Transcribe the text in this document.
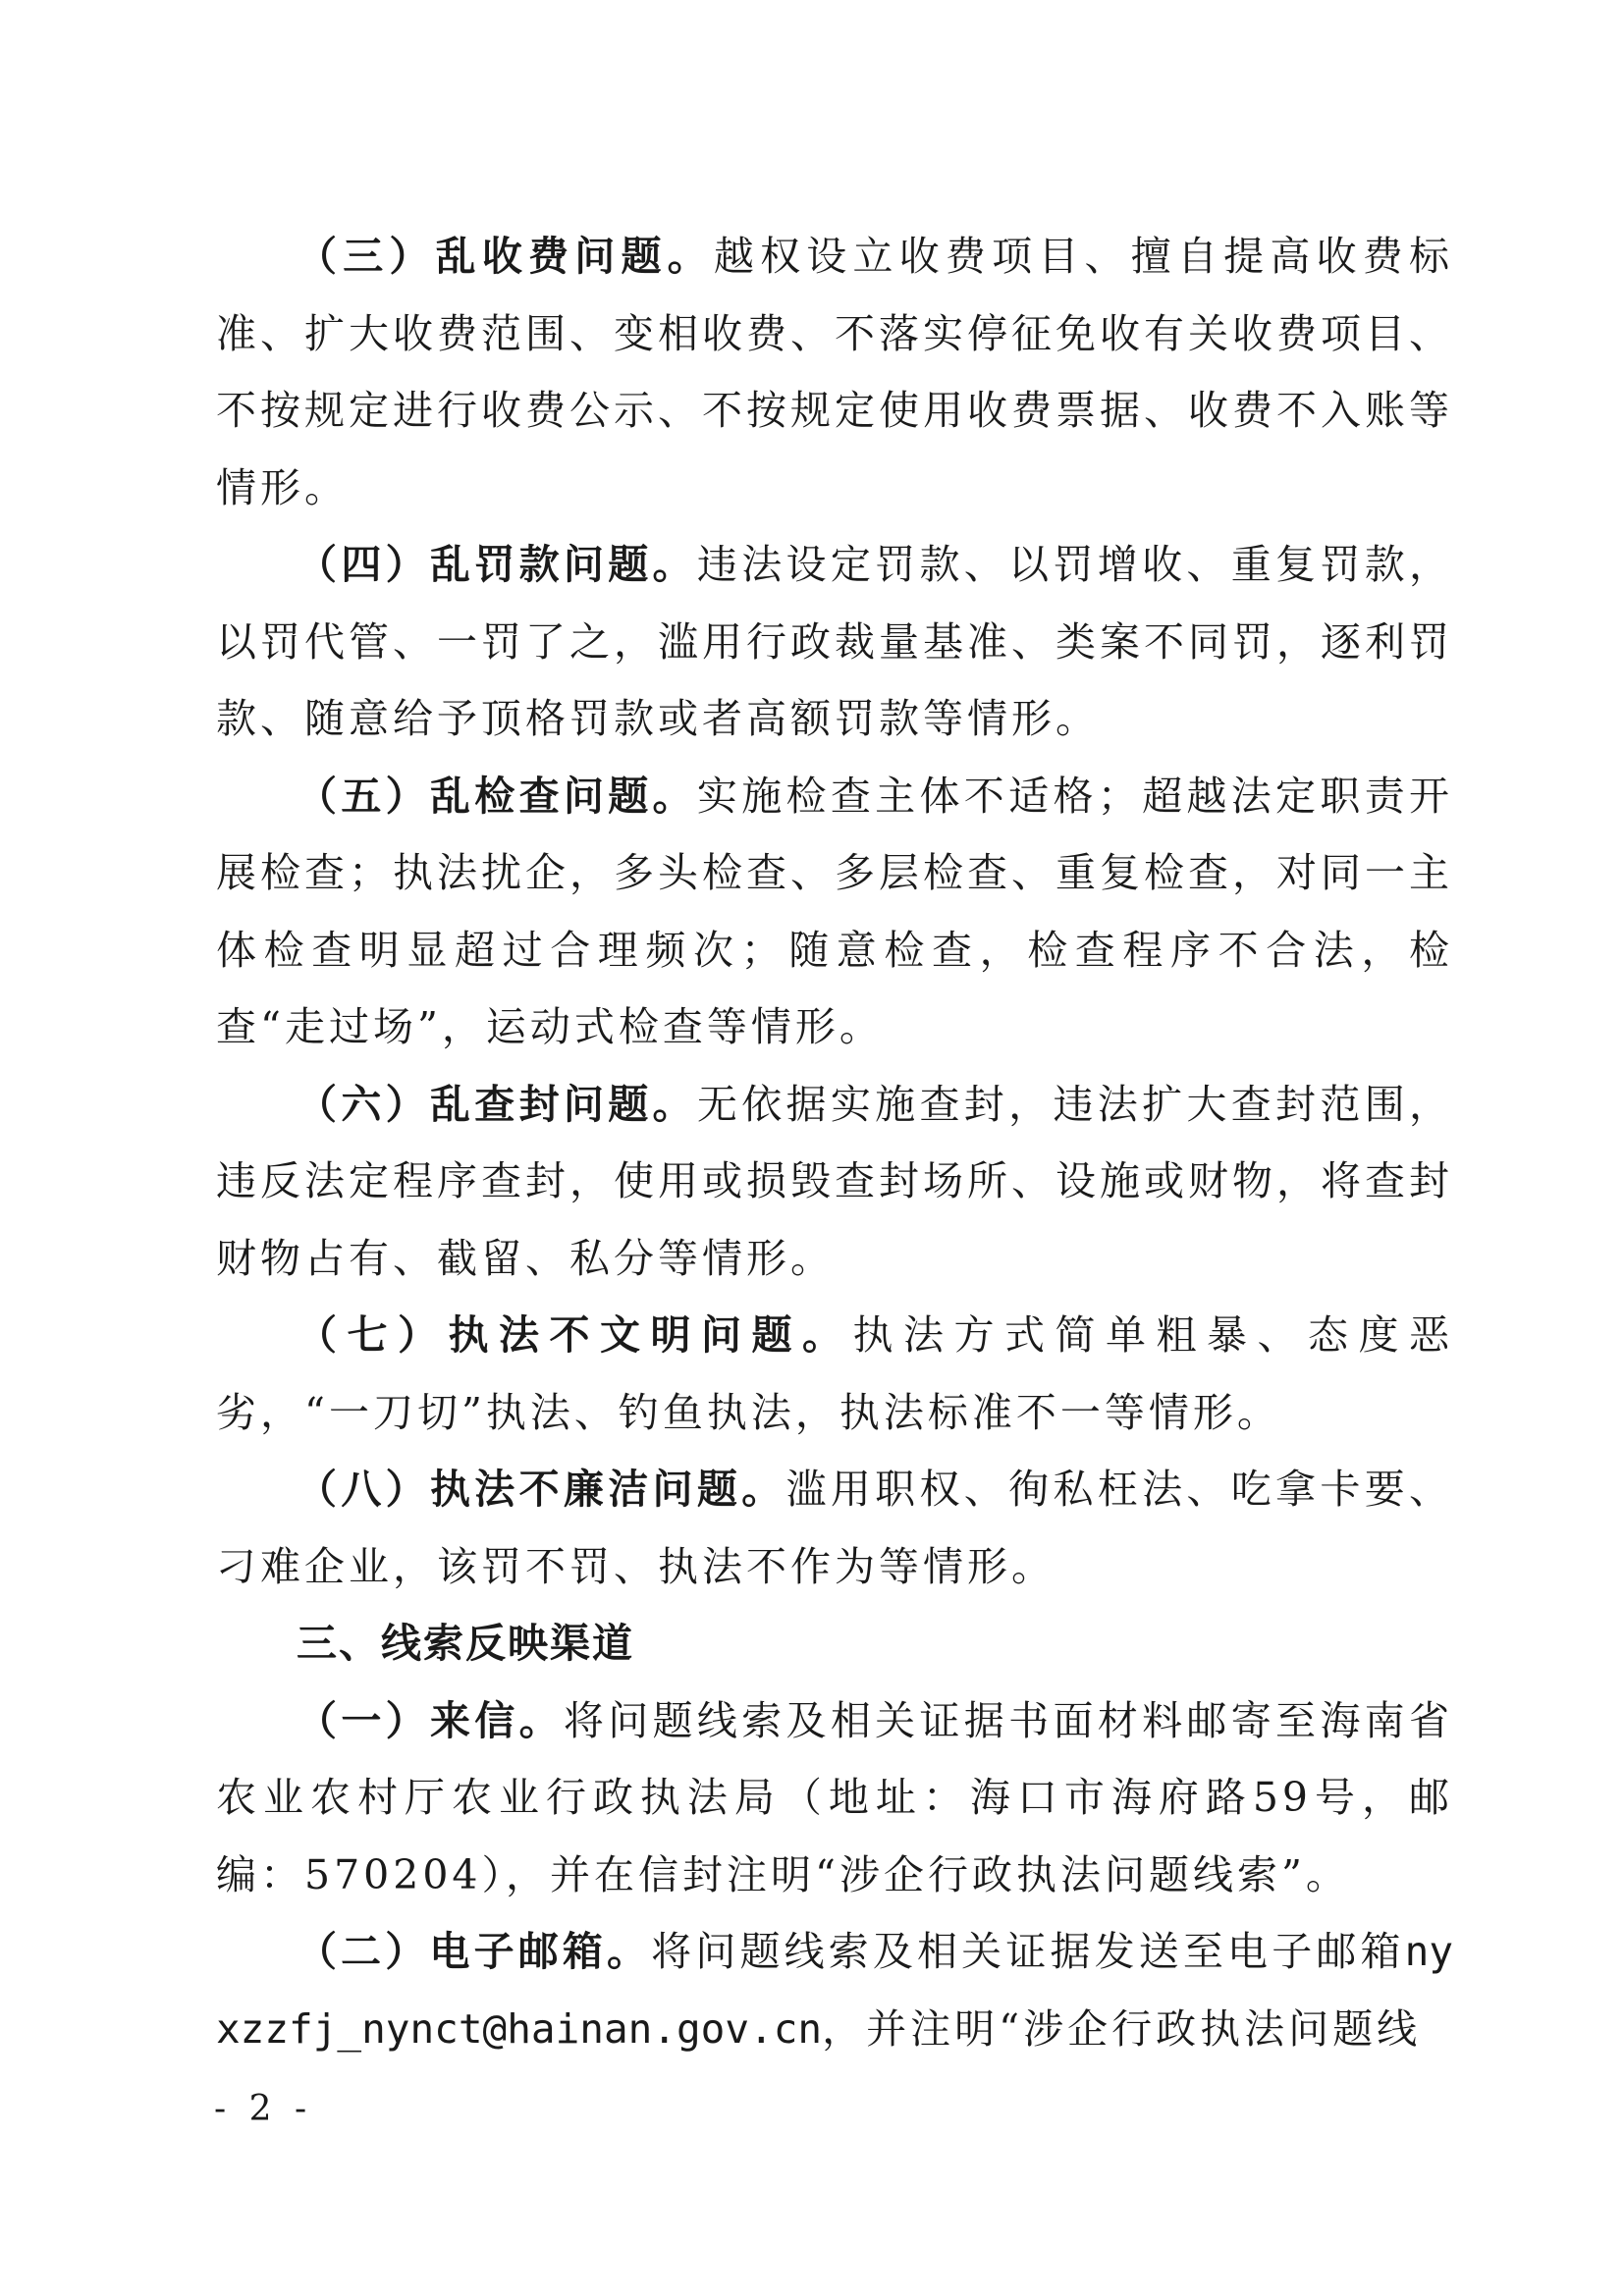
（三）乱收费问题。越权设立收费项目、擅自提高收费标准、扩大收费范围、变相收费、不落实停征免收有关收费项目、不按规定进行收费公示、不按规定使用收费票据、收费不入账等情形。

（四）乱罚款问题。违法设定罚款、以罚增收、重复罚款，以罚代管、一罚了之，滥用行政裁量基准、类案不同罚，逐利罚款、随意给予顶格罚款或者高额罚款等情形。

（五）乱检查问题。实施检查主体不适格；超越法定职责开展检查；执法扰企，多头检查、多层检查、重复检查，对同一主体检查明显超过合理频次；随意检查，检查程序不合法，检查“走过场”，运动式检查等情形。

（六）乱查封问题。无依据实施查封，违法扩大查封范围，违反法定程序查封，使用或损毁查封场所、设施或财物，将查封财物占有、截留、私分等情形。

（七）执法不文明问题。执法方式简单粗暴、态度恶劣，“一刀切”执法、钓鱼执法，执法标准不一等情形。

（八）执法不廉洁问题。滥用职权、徇私枉法、吃拿卡要、刁难企业，该罚不罚、执法不作为等情形。

三、线索反映渠道

（一）来信。将问题线索及相关证据书面材料邮寄至海南省农业农村厅农业行政执法局（地址：海口市海府路59号，邮编：570204），并在信封注明“涉企行政执法问题线索”。

（二）电子邮箱。将问题线索及相关证据发送至电子邮箱nyxzzfj_nynct@hainan.gov.cn，并注明“涉企行政执法问题线

- 2 -
